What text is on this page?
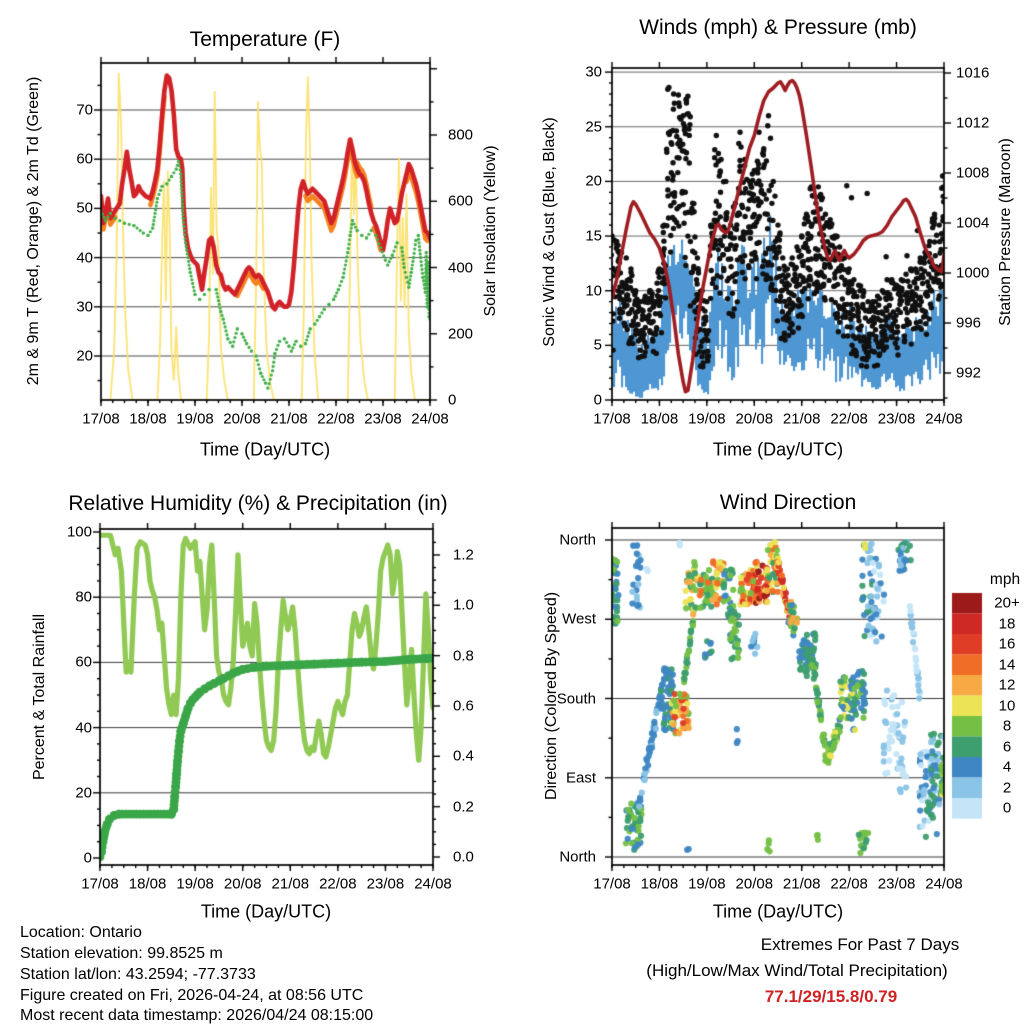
Temperature (F)
Winds (mph) & Pressure (mb)
Relative Humidity (%) & Precipitation (in)	Wind Direction
2m & 9m T (Red, Orange) & 2m Td (Green)	Solar Insolation (Yellow)	Sonic Wind & Gust (Blue, Black)	Station Pressure (Maroon)
Percent & Total Rainfall	Direction (Colored By Speed)
Time (Day/UTC)	Time (Day/UTC)
Time (Day/UTC)	Time (Day/UTC)
mph
Location: Ontario
Station elevation: 99.8525 m
Station lat/lon: 43.2594; -77.3733
Figure created on Fri, 2026-04-24, at 08:56 UTC
Most recent data timestamp: 2026/04/24 08:15:00
Extremes For Past 7 Days
(High/Low/Max Wind/Total Precipitation)
77.1/29/15.8/0.79
20
30
40
50
60
70
0
200
400
600
800
17/08 18/08 19/08 20/08 21/08 22/08 23/08 24/08
0
5
10
15
20
25
30
992
996
1000
1004
1008
1012
1016
17/08 18/08 19/08 20/08 21/08 22/08 23/08 24/08
0
20
40
60
80
100
0.0
0.2
0.4
0.6
0.8
1.0
1.2
17/08 18/08 19/08 20/08 21/08 22/08 23/08 24/08
North
West
South
East
North
17/08 18/08 19/08 20/08 21/08 22/08 23/08 24/08
20+
18
16
14
12
10
8
6
4
2
0
